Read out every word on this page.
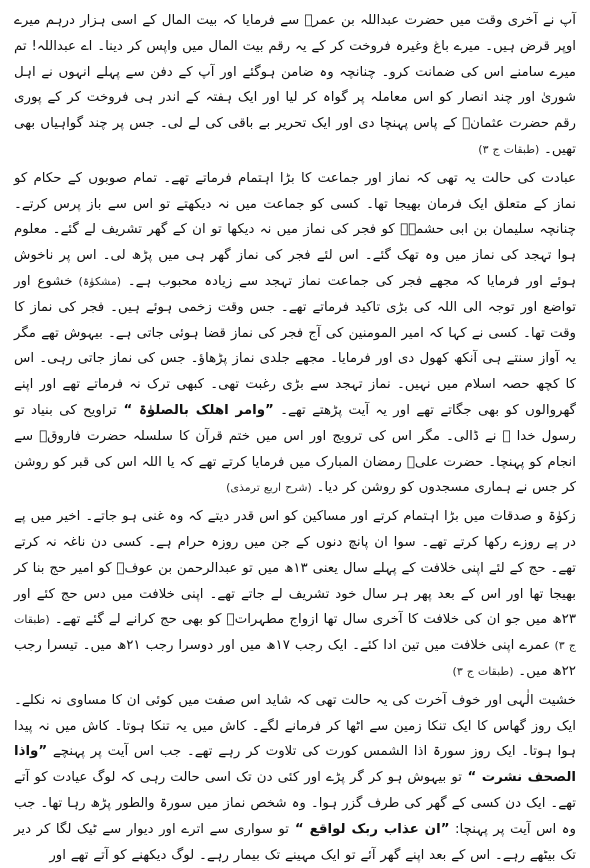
آپ نے آخری وقت میں حضرت عبداللہ بن عمرؓ سے فرمایا کہ بیت المال کے اسی ہزار درہم میرے اوپر قرض ہیں۔ میرے باغ وغیرہ فروخت کر کے یہ رقم بیت المال میں واپس کر دینا۔ اے عبداللہ! تم میرے سامنے اس کی ضمانت کرو۔ چنانچہ وہ ضامن ہوگئے اور آپ کے دفن سے پہلے انہوں نے اہل شوریٰ اور چند انصار کو اس معاملہ پر گواہ کر لیا اور ایک ہفتہ کے اندر ہی فروخت کر کے پوری رقم حضرت عثمانؓ کے پاس پہنچا دی اور ایک تحریر بے باقی کی لے لی۔ جس پر چند گواہیاں بھی تھیں۔ (طبقات ج ۳)

عبادت کی حالت یہ تھی کہ نماز اور جماعت کا بڑا اہتمام فرماتے تھے۔ تمام صوبوں کے حکام کو نماز کے متعلق ایک فرمان بھیجا تھا۔ کسی کو جماعت میں نہ دیکھتے تو اس سے باز پرس کرتے۔ چنانچہ سلیمان بن ابی حشمہؓ کو فجر کی نماز میں نہ دیکھا تو ان کے گھر تشریف لے گئے۔ معلوم ہوا تہجد کی نماز میں وہ تھک گئے۔ اس لئے فجر کی نماز گھر ہی میں پڑھ لی۔ اس پر ناخوش ہوئے اور فرمایا کہ مجھے فجر کی جماعت نماز تہجد سے زیادہ محبوب ہے۔ (مشکوٰۃ) خشوع اور تواضع اور توجہ الی اللہ کی بڑی تاکید فرماتے تھے۔ جس وقت زخمی ہوئے ہیں۔ فجر کی نماز کا وقت تھا۔ کسی نے کہا کہ امیر المومنین کی آج فجر کی نماز قضا ہوئی جاتی ہے۔ بیہوش تھے مگر یہ آواز سنتے ہی آنکھ کھول دی اور فرمایا۔ مجھے جلدی نماز پڑھاؤ۔ جس کی نماز جاتی رہی۔ اس کا کچھ حصہ اسلام میں نہیں۔ نماز تہجد سے بڑی رغبت تھی۔ کبھی ترک نہ فرماتے تھے اور اپنے گھروالوں کو بھی جگاتے تھے اور یہ آیت پڑھتے تھے۔ ”وامر اھلک بالصلوٰۃ “ تراویح کی بنیاد تو رسول خدا ﷺ نے ڈالی۔ مگر اس کی ترویج اور اس میں ختم قرآن کا سلسلہ حضرت فاروقؓ سے انجام کو پہنچا۔ حضرت علیؓ رمضان المبارک میں فرمایا کرتے تھے کہ یا اللہ اس کی قبر کو روشن کر جس نے ہماری مسجدوں کو روشن کر دیا۔ (شرح اربع ترمذی)

زکوٰۃ و صدقات میں بڑا اہتمام کرتے اور مساکین کو اس قدر دیتے کہ وہ غنی ہو جاتے۔ اخیر میں پے در پے روزے رکھا کرتے تھے۔ سوا ان پانچ دنوں کے جن میں روزہ حرام ہے۔ کسی دن ناغہ نہ کرتے تھے۔ حج کے لئے اپنی خلافت کے پہلے سال یعنی ۱۳ھ میں تو عبدالرحمن بن عوفؓ کو امیر حج بنا کر بھیجا تھا اور اس کے بعد پھر ہر سال خود تشریف لے جاتے تھے۔ اپنی خلافت میں دس حج کئے اور ۲۳ھ میں جو ان کی خلافت کا آخری سال تھا ازواج مطہراتؓ کو بھی حج کرانے لے گئے تھے۔ (طبقات ج ۳) عمرے اپنی خلافت میں تین ادا کئے۔ ایک رجب ۱۷ھ میں اور دوسرا رجب ۲۱ھ میں۔ تیسرا رجب ۲۲ھ میں۔ (طبقات ج ۳)

خشیت الٰہی اور خوف آخرت کی یہ حالت تھی کہ شاید اس صفت میں کوئی ان کا مساوی نہ نکلے۔ ایک روز گھاس کا ایک تنکا زمین سے اٹھا کر فرمانے لگے۔ کاش میں یہ تنکا ہوتا۔ کاش میں نہ پیدا ہوا ہوتا۔ ایک روز سورۃ اذا الشمس کورت کی تلاوت کر رہے تھے۔ جب اس آیت پر پہنچے ”واذا الصحف نشرت “ تو بیہوش ہو کر گر پڑے اور کئی دن تک اسی حالت رہی کہ لوگ عیادت کو آتے تھے۔ ایک دن کسی کے گھر کی طرف گزر ہوا۔ وہ شخص نماز میں سورۃ والطور پڑھ رہا تھا۔ جب وہ اس آیت پر پہنچا: ”ان عذاب ربک لواقع “ تو سواری سے اترے اور دیوار سے ٹیک لگا کر دیر تک بیٹھے رہے۔ اس کے بعد اپنے گھر آئے تو ایک مہینے تک بیمار رہے۔ لوگ دیکھنے کو آتے تھے اور
